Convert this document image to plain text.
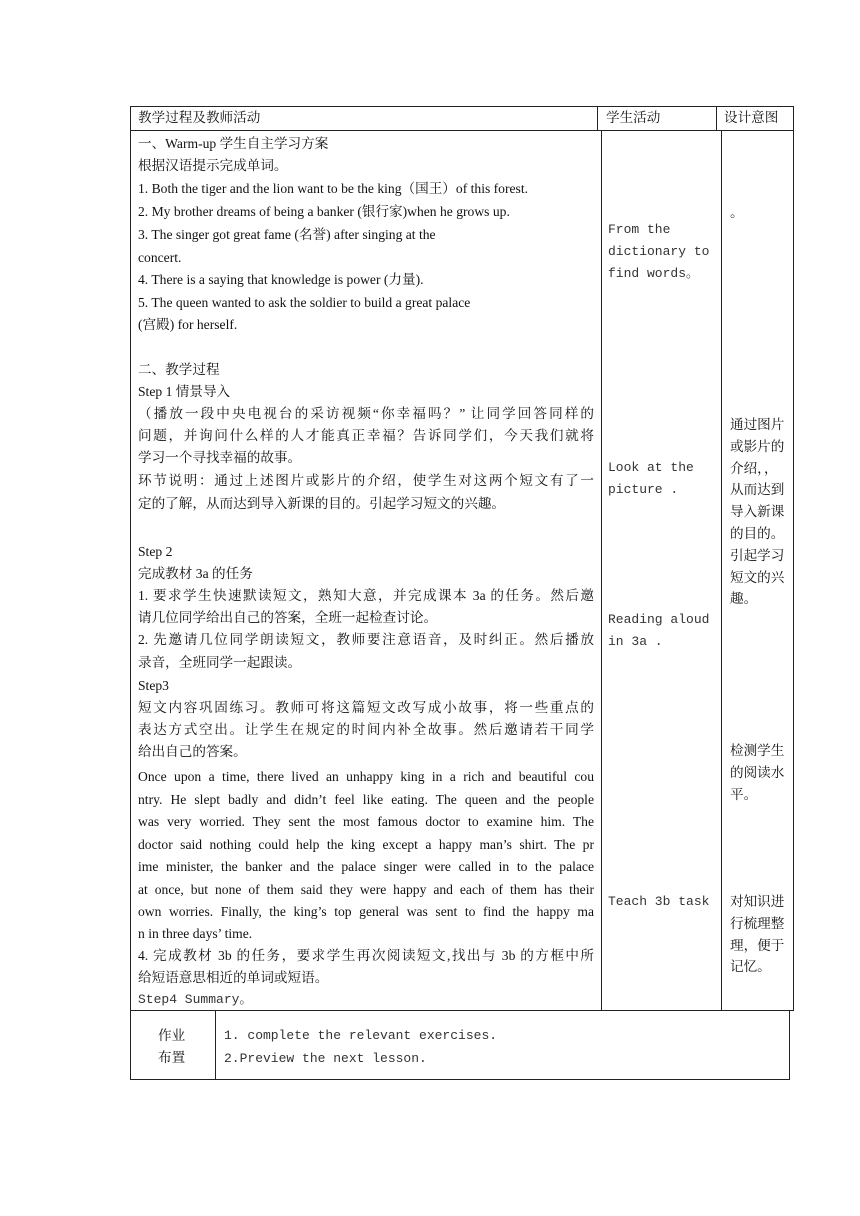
教学过程及教师活动	学生活动	设计意图
一、Warm-up 学生自主学习方案
根据汉语提示完成单词。
1. Both the tiger and the lion want to be the king（国王）of this forest.
2. My brother dreams of being a banker (银行家)when he grows up.
3. The singer got great fame (名誉) after singing at the
concert.
4. There is a saying that knowledge is power (力量).
5. The queen wanted to ask the soldier to build a great palace
(宫殿) for herself.
二、教学过程
Step 1 情景导入
（播放一段中央电视台的采访视频“你幸福吗？” 让同学回答同样的
问题，并询问什么样的人才能真正幸福？告诉同学们，今天我们就将
学习一个寻找幸福的故事。
环节说明：通过上述图片或影片的介绍，使学生对这两个短文有了一
定的了解，从而达到导入新课的目的。引起学习短文的兴趣。
Step 2
完成教材 3a 的任务
1. 要求学生快速默读短文，熟知大意，并完成课本 3a 的任务。然后邀
请几位同学给出自己的答案，全班一起检查讨论。
2. 先邀请几位同学朗读短文，教师要注意语音，及时纠正。然后播放
录音，全班同学一起跟读。
Step3
短文内容巩固练习。教师可将这篇短文改写成小故事，将一些重点的
表达方式空出。让学生在规定的时间内补全故事。然后邀请若干同学
给出自己的答案。
Once upon a time, there lived an unhappy king in a rich and beautiful cou
ntry. He slept badly and didn’t feel like eating. The queen and the people
was very worried. They sent the most famous doctor to examine him. The
doctor said nothing could help the king except a happy man’s shirt. The pr
ime minister, the banker and the palace singer were called in to the palace
at once, but none of them said they were happy and each of them has their
own worries. Finally, the king’s top general was sent to find the happy ma
n in three days’ time.
4. 完成教材 3b 的任务，要求学生再次阅读短文,找出与 3b 的方框中所
给短语意思相近的单词或短语。
Step4 Summary。
From the
dictionary to
find words。
Look at the
picture .
Reading aloud
in 3a .
Teach 3b task
。
通过图片或影片的介绍，，从而达到导入新课的目的。引起学习短文的兴趣。
检测学生的阅读水平。
对知识进行梳理整理，便于记忆。
作业
布置
1. complete the relevant exercises.
2.Preview the next lesson.
